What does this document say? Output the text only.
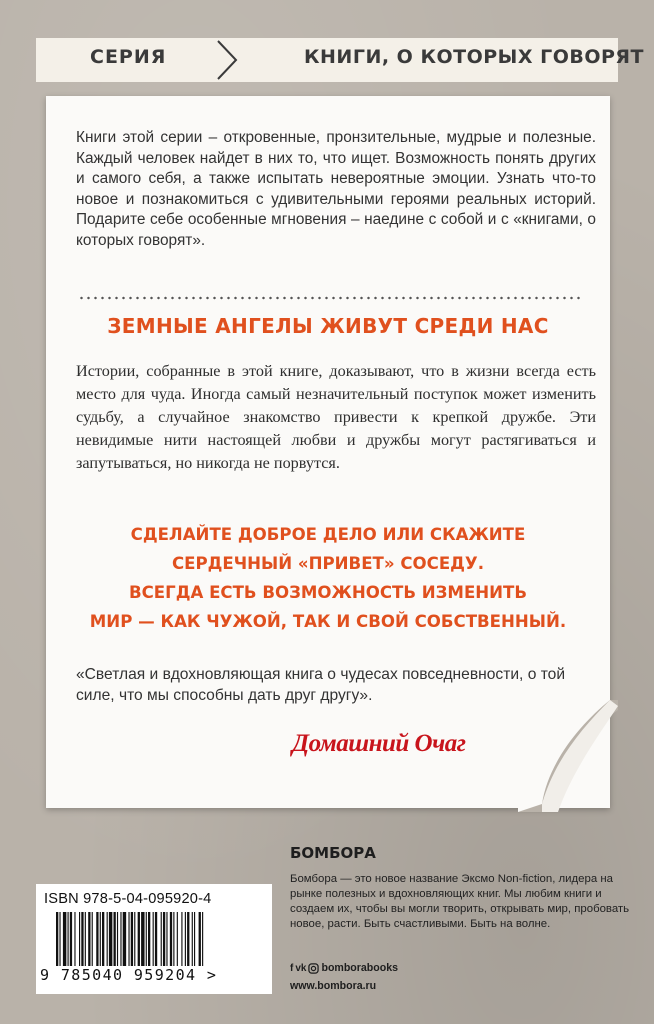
СЕРИЯ	КНИГИ, О КОТОРЫХ ГОВОРЯТ
Книги этой серии – откровенные, пронзительные, мудрые и полезные. Каждый человек найдет в них то, что ищет. Возможность понять других и самого себя, а также испытать невероятные эмоции. Узнать что-то новое и познакомиться с удивительными героями реальных историй. Подарите себе особенные мгновения – наедине с собой и с «книгами, о которых говорят».
ЗЕМНЫЕ АНГЕЛЫ ЖИВУТ СРЕДИ НАС
Истории, собранные в этой книге, доказывают, что в жизни всегда есть место для чуда. Иногда самый незначительный поступок может изменить судьбу, а случайное знакомство привести к крепкой дружбе. Эти невидимые нити настоящей любви и дружбы могут растягиваться и запутываться, но никогда не порвутся.
СДЕЛАЙТЕ ДОБРОЕ ДЕЛО ИЛИ СКАЖИТЕ
СЕРДЕЧНЫЙ «ПРИВЕТ» СОСЕДУ.
ВСЕГДА ЕСТЬ ВОЗМОЖНОСТЬ ИЗМЕНИТЬ
МИР — КАК ЧУЖОЙ, ТАК И СВОЙ СОБСТВЕННЫЙ.
«Светлая и вдохновляющая книга о чудесах повседневности, о той силе, что мы способны дать друг другу».
Домашний Очаг
БОМБОРА
Бомбора — это новое название Эксмо Non-fiction, лидера на рынке полезных и вдохновляющих книг. Мы любим книги и создаем их, чтобы вы могли творить, открывать мир, пробовать новое, расти. Быть счастливыми. Быть на волне.
f vk bomborabooks
www.bombora.ru
ISBN 978-5-04-095920-4
9 785040 959204 >
